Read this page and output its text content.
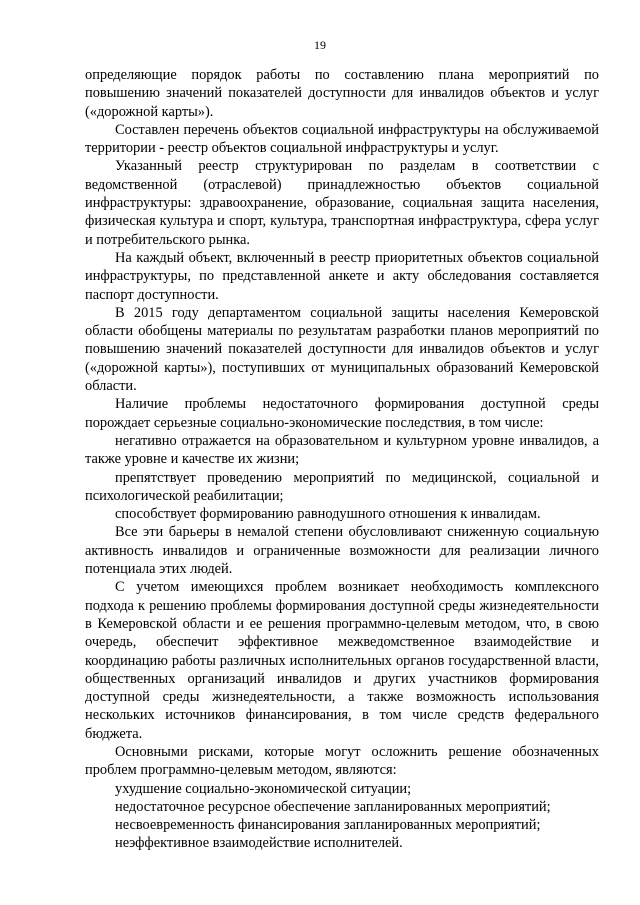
19

определяющие порядок работы по составлению плана мероприятий по повышению значений показателей доступности для инвалидов объектов и услуг («дорожной карты»).

Составлен перечень объектов социальной инфраструктуры на обслуживаемой территории - реестр объектов социальной инфраструктуры и услуг.

Указанный реестр структурирован по разделам в соответствии с ведомственной (отраслевой) принадлежностью объектов социальной инфраструктуры: здравоохранение, образование, социальная защита населения, физическая культура и спорт, культура, транспортная инфраструктура, сфера услуг и потребительского рынка.

На каждый объект, включенный в реестр приоритетных объектов социальной инфраструктуры, по представленной анкете и акту обследования составляется паспорт доступности.

В 2015 году департаментом социальной защиты населения Кемеровской области обобщены материалы по результатам разработки планов мероприятий по повышению значений показателей доступности для инвалидов объектов и услуг («дорожной карты»), поступивших от муниципальных образований Кемеровской области.

Наличие проблемы недостаточного формирования доступной среды порождает серьезные социально-экономические последствия, в том числе:

негативно отражается на образовательном и культурном уровне инвалидов, а также уровне и качестве их жизни;

препятствует проведению мероприятий по медицинской, социальной и психологической реабилитации;

способствует формированию равнодушного отношения к инвалидам.

Все эти барьеры в немалой степени обусловливают сниженную социальную активность инвалидов и ограниченные возможности для реализации личного потенциала этих людей.

С учетом имеющихся проблем возникает необходимость комплексного подхода к решению проблемы формирования доступной среды жизнедеятельности в Кемеровской области и ее решения программно-целевым методом, что, в свою очередь, обеспечит эффективное межведомственное взаимодействие и координацию работы различных исполнительных органов государственной власти, общественных организаций инвалидов и других участников формирования доступной среды жизнедеятельности, а также возможность использования нескольких источников финансирования, в том числе средств федерального бюджета.

Основными рисками, которые могут осложнить решение обозначенных проблем программно-целевым методом, являются:

ухудшение социально-экономической ситуации;

недостаточное ресурсное обеспечение запланированных мероприятий;

несвоевременность финансирования запланированных мероприятий;

неэффективное взаимодействие исполнителей.
